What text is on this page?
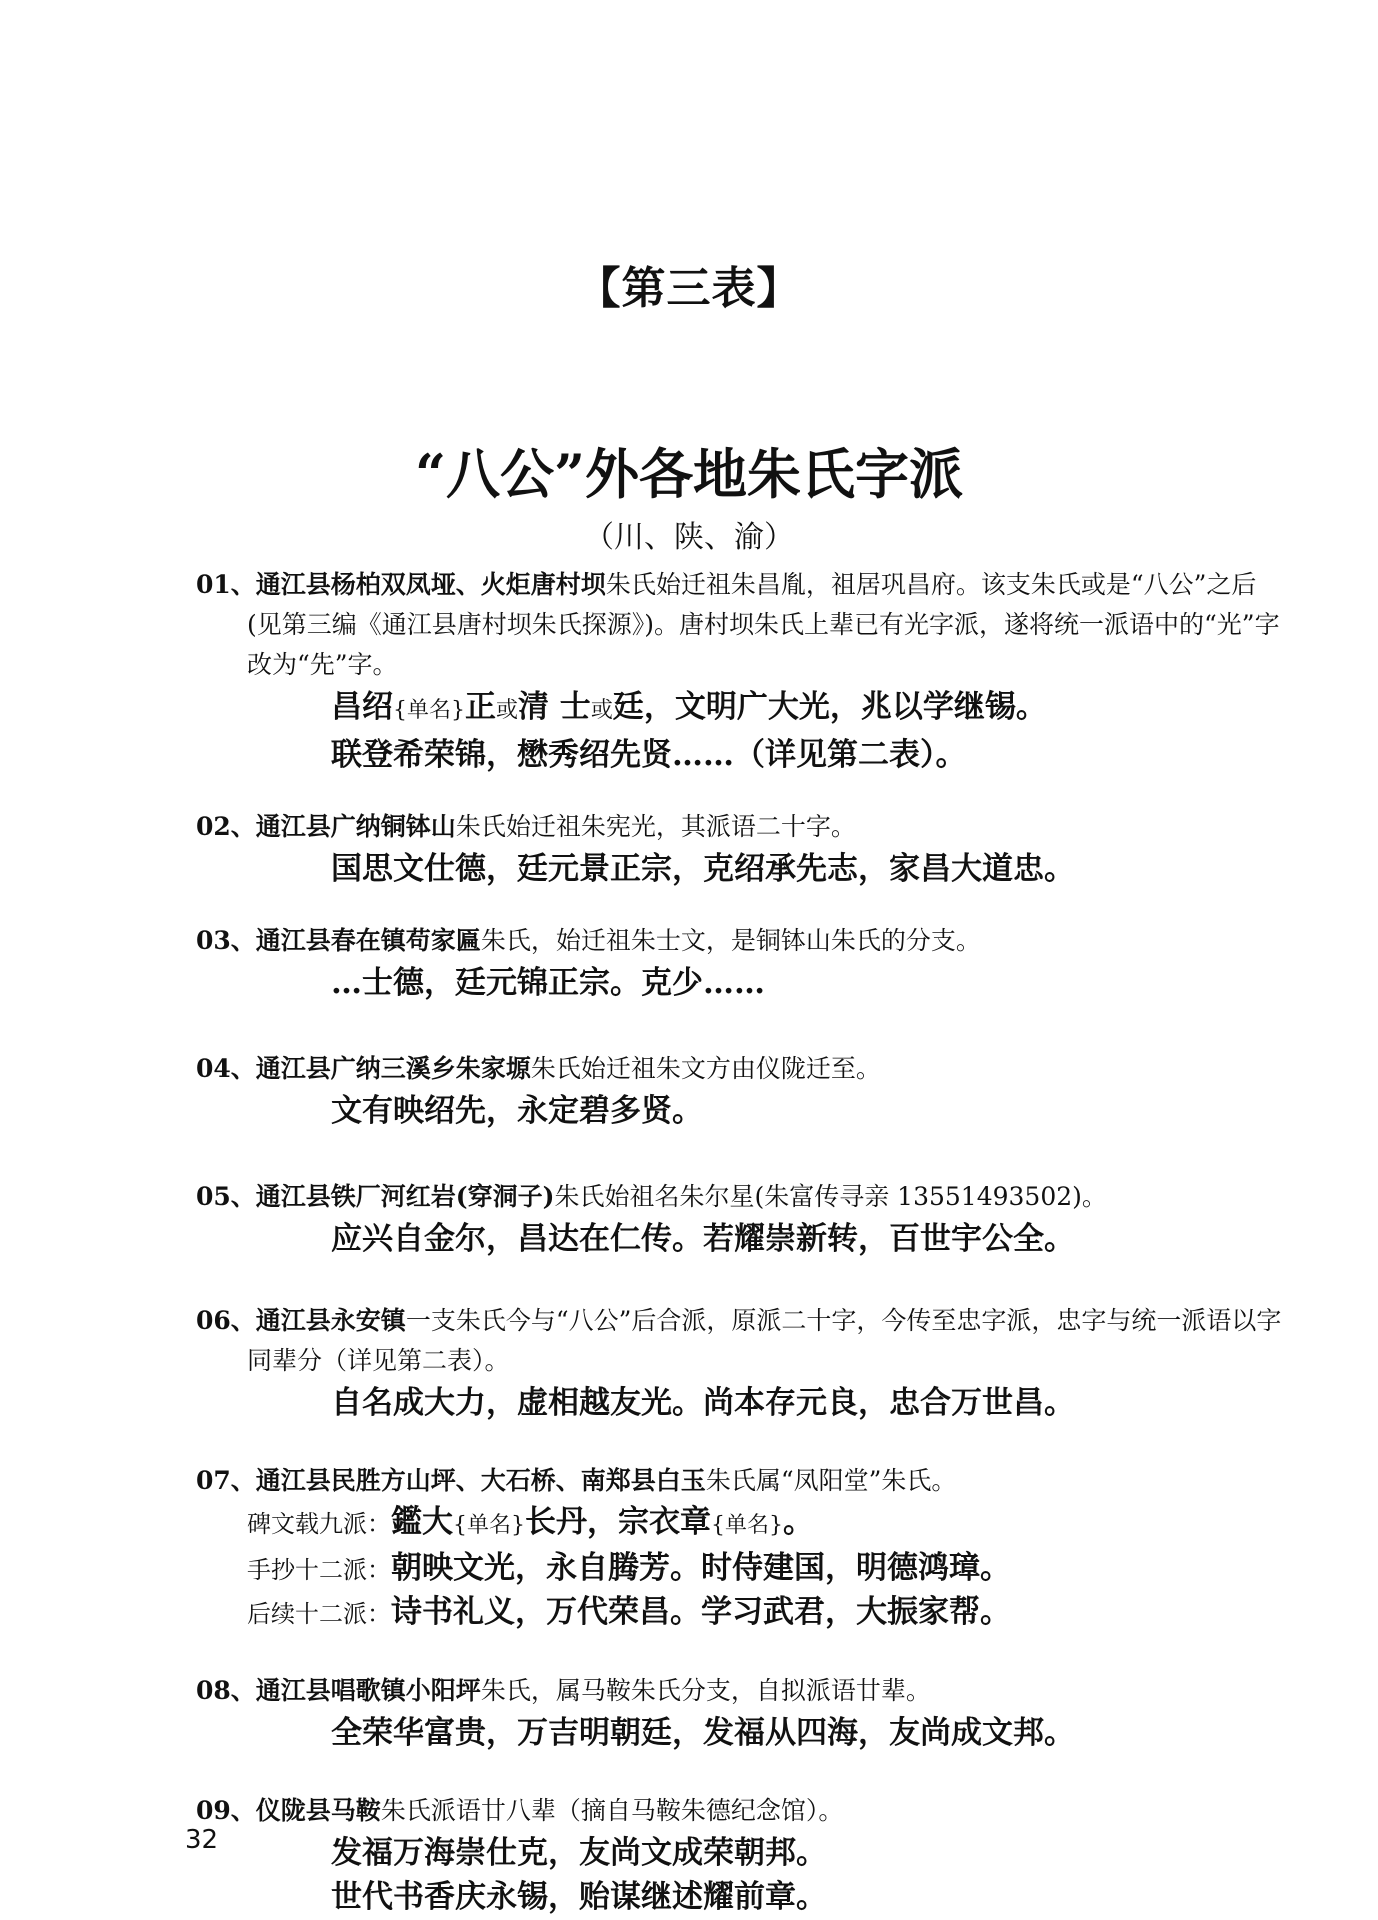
【第三表】
“八公”外各地朱氏字派
（川、陕、渝）

01、通江县杨柏双凤垭、火炬唐村坝朱氏始迁祖朱昌胤，祖居巩昌府。该支朱氏或是“八公”之后(见第三编《通江县唐村坝朱氏探源》)。唐村坝朱氏上辈已有光字派，遂将统一派语中的“光”字改为“先”字。

昌绍{单名}正或清 士或廷，文明广大光，兆以学继锡。

联登希荣锦，懋秀绍先贤……（详见第二表）。

02、通江县广纳铜钵山朱氏始迁祖朱宪光，其派语二十字。

国思文仕德，廷元景正宗，克绍承先志，家昌大道忠。

03、通江县春在镇苟家匾朱氏，始迁祖朱士文，是铜钵山朱氏的分支。

…士德，廷元锦正宗。克少……

04、通江县广纳三溪乡朱家塬朱氏始迁祖朱文方由仪陇迁至。

文有映绍先，永定碧多贤。

05、通江县铁厂河红岩(穿洞子)朱氏始祖名朱尔星(朱富传寻亲 13551493502)。

应兴自金尔，昌达在仁传。若耀崇新转，百世宇公全。

06、通江县永安镇一支朱氏今与“八公”后合派，原派二十字，今传至忠字派，忠字与统一派语以字同辈分（详见第二表）。

自名成大力，虚相越友光。尚本存元良，忠合万世昌。

07、通江县民胜方山坪、大石桥、南郑县白玉朱氏属“凤阳堂”朱氏。

碑文载九派：鑑大{单名}长丹，宗衣章{单名}。

手抄十二派：朝映文光，永自腾芳。时侍建国，明德鸿璋。

后续十二派：诗书礼义，万代荣昌。学习武君，大振家帮。

08、通江县唱歌镇小阳坪朱氏，属马鞍朱氏分支，自拟派语廿辈。

全荣华富贵，万吉明朝廷，发福从四海，友尚成文邦。

09、仪陇县马鞍朱氏派语廿八辈（摘自马鞍朱德纪念馆）。

发福万海崇仕克，友尚文成荣朝邦。

世代书香庆永锡，贻谋继述耀前章。

32
